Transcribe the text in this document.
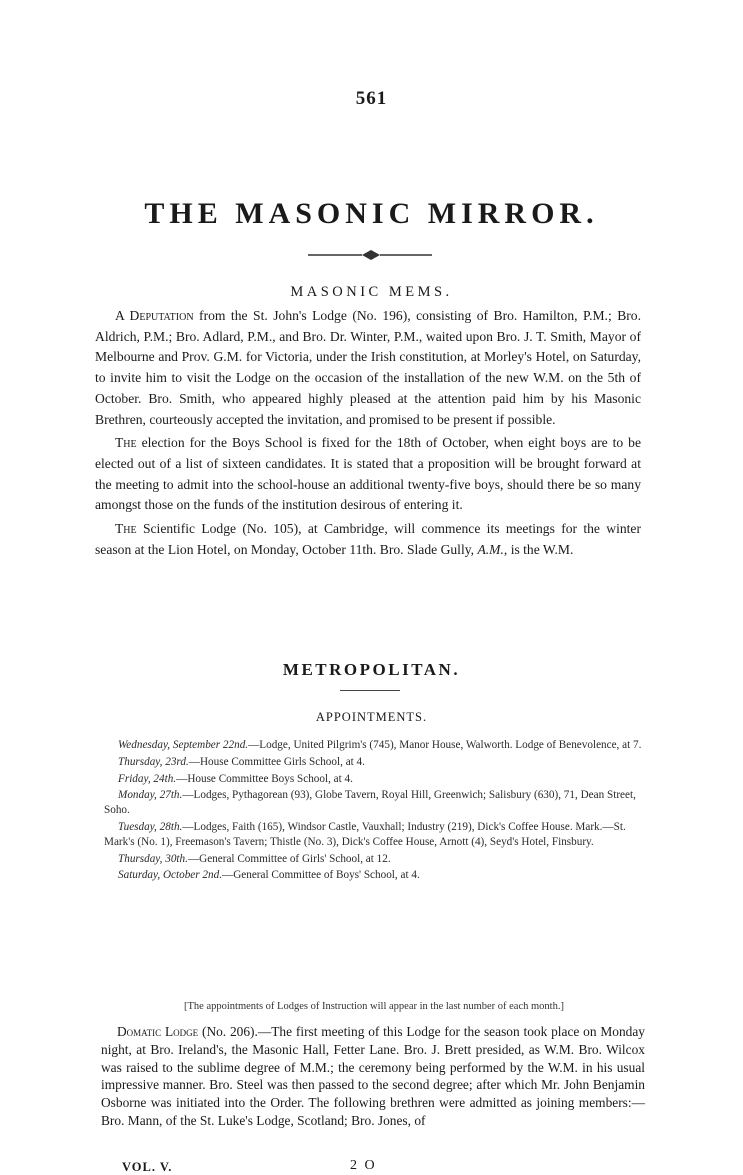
561
THE MASONIC MIRROR.
MASONIC MEMS.

A Deputation from the St. John's Lodge (No. 196), consisting of Bro. Hamilton, P.M.; Bro. Aldrich, P.M.; Bro. Adlard, P.M., and Bro. Dr. Winter, P.M., waited upon Bro. J. T. Smith, Mayor of Melbourne and Prov. G.M. for Victoria, under the Irish constitution, at Morley's Hotel, on Saturday, to invite him to visit the Lodge on the occasion of the installation of the new W.M. on the 5th of October. Bro. Smith, who appeared highly pleased at the attention paid him by his Masonic Brethren, courteously accepted the invitation, and promised to be present if possible.

The election for the Boys School is fixed for the 18th of October, when eight boys are to be elected out of a list of sixteen candidates. It is stated that a proposition will be brought forward at the meeting to admit into the school-house an additional twenty-five boys, should there be so many amongst those on the funds of the institution desirous of entering it.

The Scientific Lodge (No. 105), at Cambridge, will commence its meetings for the winter season at the Lion Hotel, on Monday, October 11th. Bro. Slade Gully, A.M., is the W.M.

METROPOLITAN.
APPOINTMENTS.
Wednesday, September 22nd.—Lodge, United Pilgrim's (745), Manor House, Walworth. Lodge of Benevolence, at 7.
Thursday, 23rd.—House Committee Girls School, at 4.
Friday, 24th.—House Committee Boys School, at 4.
Monday, 27th.—Lodges, Pythagorean (93), Globe Tavern, Royal Hill, Greenwich; Salisbury (630), 71, Dean Street, Soho.
Tuesday, 28th.—Lodges, Faith (165), Windsor Castle, Vauxhall; Industry (219), Dick's Coffee House. Mark.—St. Mark's (No. 1), Freemason's Tavern; Thistle (No. 3), Dick's Coffee House, Arnott (4), Seyd's Hotel, Finsbury.
Thursday, 30th.—General Committee of Girls' School, at 12.
Saturday, October 2nd.—General Committee of Boys' School, at 4.
[The appointments of Lodges of Instruction will appear in the last number of each month.]

Domatic Lodge (No. 206).—The first meeting of this Lodge for the season took place on Monday night, at Bro. Ireland's, the Masonic Hall, Fetter Lane. Bro. J. Brett presided, as W.M. Bro. Wilcox was raised to the sublime degree of M.M.; the ceremony being performed by the W.M. in his usual impressive manner. Bro. Steel was then passed to the second degree; after which Mr. John Benjamin Osborne was initiated into the Order. The following brethren were admitted as joining members:—Bro. Mann, of the St. Luke's Lodge, Scotland; Bro. Jones, of

VOL. V.	2 O
